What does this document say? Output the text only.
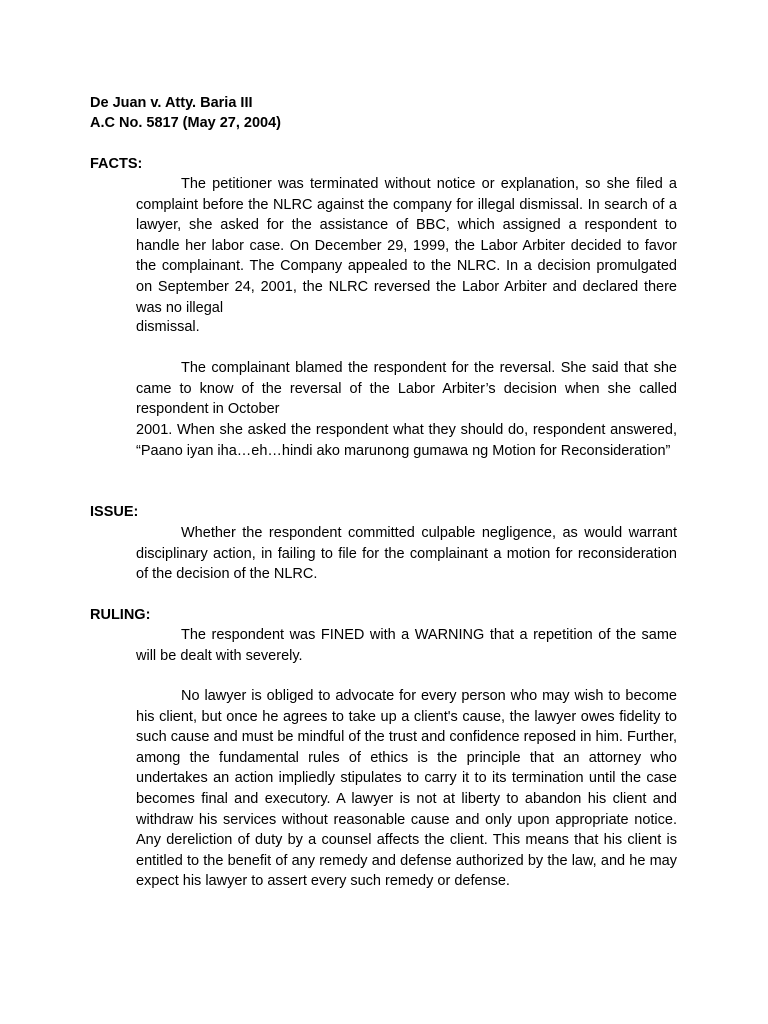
De Juan v. Atty. Baria III
A.C No. 5817 (May 27, 2004)
FACTS:

The petitioner was terminated without notice or explanation, so she filed a complaint before the NLRC against the company for illegal dismissal. In search of a lawyer, she asked for the assistance of BBC, which assigned a respondent to handle her labor case. On December 29, 1999, the Labor Arbiter decided to favor the complainant. The Company appealed to the NLRC. In a decision promulgated on September 24, 2001, the NLRC reversed the Labor Arbiter and declared there was no illegal

dismissal.

The complainant blamed the respondent for the reversal. She said that she came to know of the reversal of the Labor Arbiter’s decision when she called respondent in October

2001. When she asked the respondent what they should do, respondent answered, “Paano iyan iha…eh…hindi ako marunong gumawa ng Motion for Reconsideration”

ISSUE:

Whether the respondent committed culpable negligence, as would warrant disciplinary action, in failing to file for the complainant a motion for reconsideration of the decision of the NLRC.

RULING:

The respondent was FINED with a WARNING that a repetition of the same will be dealt with severely.

No lawyer is obliged to advocate for every person who may wish to become his client, but once he agrees to take up a client's cause, the lawyer owes fidelity to such cause and must be mindful of the trust and confidence reposed in him. Further, among the fundamental rules of ethics is the principle that an attorney who undertakes an action impliedly stipulates to carry it to its termination until the case becomes final and executory. A lawyer is not at liberty to abandon his client and withdraw his services without reasonable cause and only upon appropriate notice. Any dereliction of duty by a counsel affects the client. This means that his client is entitled to the benefit of any remedy and defense authorized by the law, and he may expect his lawyer to assert every such remedy or defense.
